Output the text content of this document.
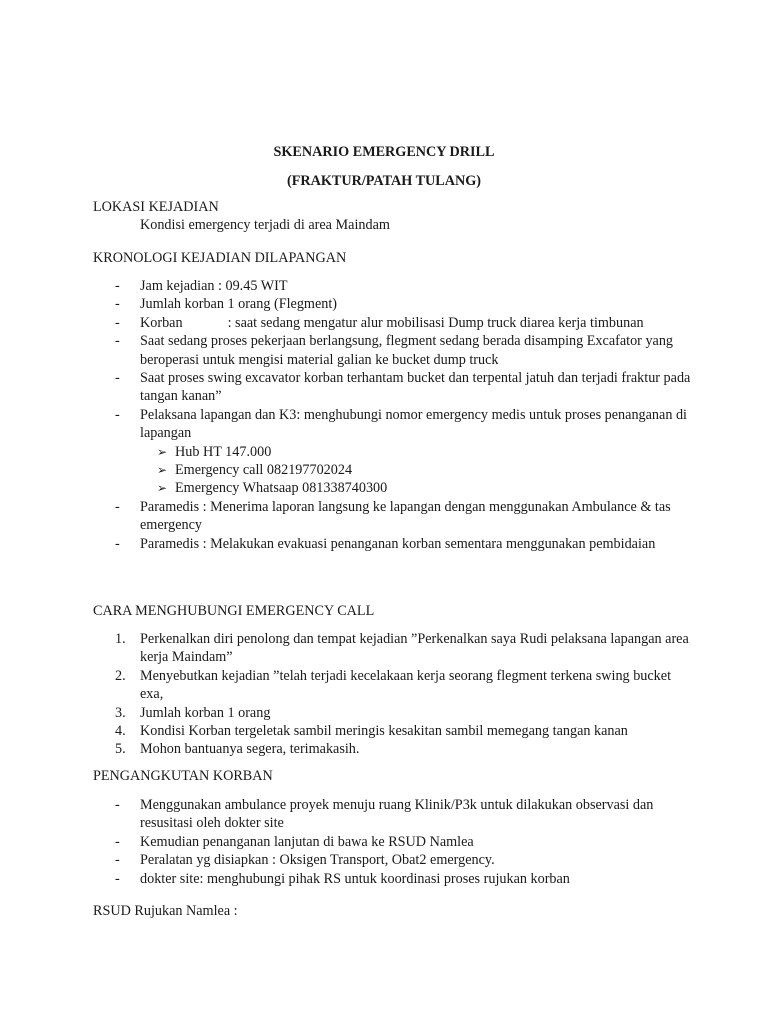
SKENARIO EMERGENCY DRILL
(FRAKTUR/PATAH TULANG)
LOKASI KEJADIAN
Kondisi emergency terjadi di area Maindam
KRONOLOGI KEJADIAN DILAPANGAN
- Jam kejadian : 09.45 WIT
- Jumlah korban 1 orang (Flegment)
- Korban	: saat sedang mengatur alur mobilisasi Dump truck diarea kerja timbunan
- Saat sedang proses pekerjaan berlangsung, flegment sedang berada disamping Excafator yang beroperasi untuk mengisi material galian ke bucket dump truck
- Saat proses swing excavator korban terhantam bucket dan terpental jatuh dan terjadi fraktur pada tangan kanan”
- Pelaksana lapangan dan K3: menghubungi nomor emergency medis untuk proses penanganan di lapangan
➢ Hub HT 147.000
➢ Emergency call 082197702024
➢ Emergency Whatsaap 081338740300
- Paramedis : Menerima laporan langsung ke lapangan dengan menggunakan Ambulance & tas emergency
- Paramedis : Melakukan evakuasi penanganan korban sementara menggunakan pembidaian
CARA MENGHUBUNGI EMERGENCY CALL
1. Perkenalkan diri penolong dan tempat kejadian ”Perkenalkan saya Rudi pelaksana lapangan area kerja Maindam”
2. Menyebutkan kejadian ”telah terjadi kecelakaan kerja seorang flegment terkena swing bucket exa,
3. Jumlah korban 1 orang
4. Kondisi Korban tergeletak sambil meringis kesakitan sambil memegang tangan kanan
5. Mohon bantuanya segera, terimakasih.
PENGANGKUTAN KORBAN
- Menggunakan ambulance proyek menuju ruang Klinik/P3k untuk dilakukan observasi dan resusitasi oleh dokter site
- Kemudian penanganan lanjutan di bawa ke RSUD Namlea
- Peralatan yg disiapkan : Oksigen Transport, Obat2 emergency.
- dokter site: menghubungi pihak RS untuk koordinasi proses rujukan korban
RSUD Rujukan Namlea :
